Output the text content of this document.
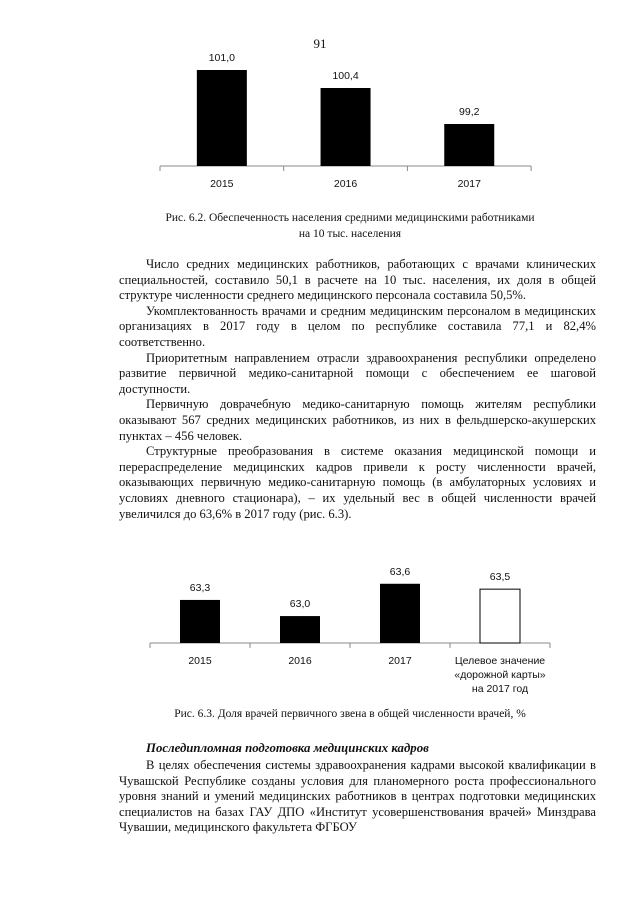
91
101,0
2015
100,4
2016
99,2
2017
Рис. 6.2. Обеспеченность населения средними медицинскими работниками
на 10 тыс. населения

Число средних медицинских работников, работающих с врачами клинических специальностей, составило 50,1 в расчете на 10 тыс. населения, их доля в общей структуре численности среднего медицинского персонала составила 50,5%.

Укомплектованность врачами и средним медицинским персоналом в медицинских организациях в 2017 году в целом по республике составила 77,1 и 82,4% соответственно.

Приоритетным направлением отрасли здравоохранения республики определено развитие первичной медико-санитарной помощи с обеспечением ее шаговой доступности.

Первичную доврачебную медико-санитарную помощь жителям республики оказывают 567 средних медицинских работников, из них в фельдшерско-акушерских пунктах – 456 человек.

Структурные преобразования в системе оказания медицинской помощи и перераспределение медицинских кадров привели к росту численности врачей, оказывающих первичную медико-санитарную помощь (в амбулаторных условиях и условиях дневного стационара), – их удельный вес в общей численности врачей увеличился до 63,6% в 2017 году (рис. 6.3).

63,3
2015
63,0
2016
63,6
2017
63,5
Целевое значение
«дорожной карты»
на 2017 год
Рис. 6.3. Доля врачей первичного звена в общей численности врачей, %
Последипломная подготовка медицинских кадров

В целях обеспечения системы здравоохранения кадрами высокой квалификации в Чувашской Республике созданы условия для планомерного роста профессионального уровня знаний и умений медицинских работников в центрах подготовки медицинских специалистов на базах ГАУ ДПО «Институт усовершенствования врачей» Минздрава Чувашии, медицинского факультета ФГБОУ
